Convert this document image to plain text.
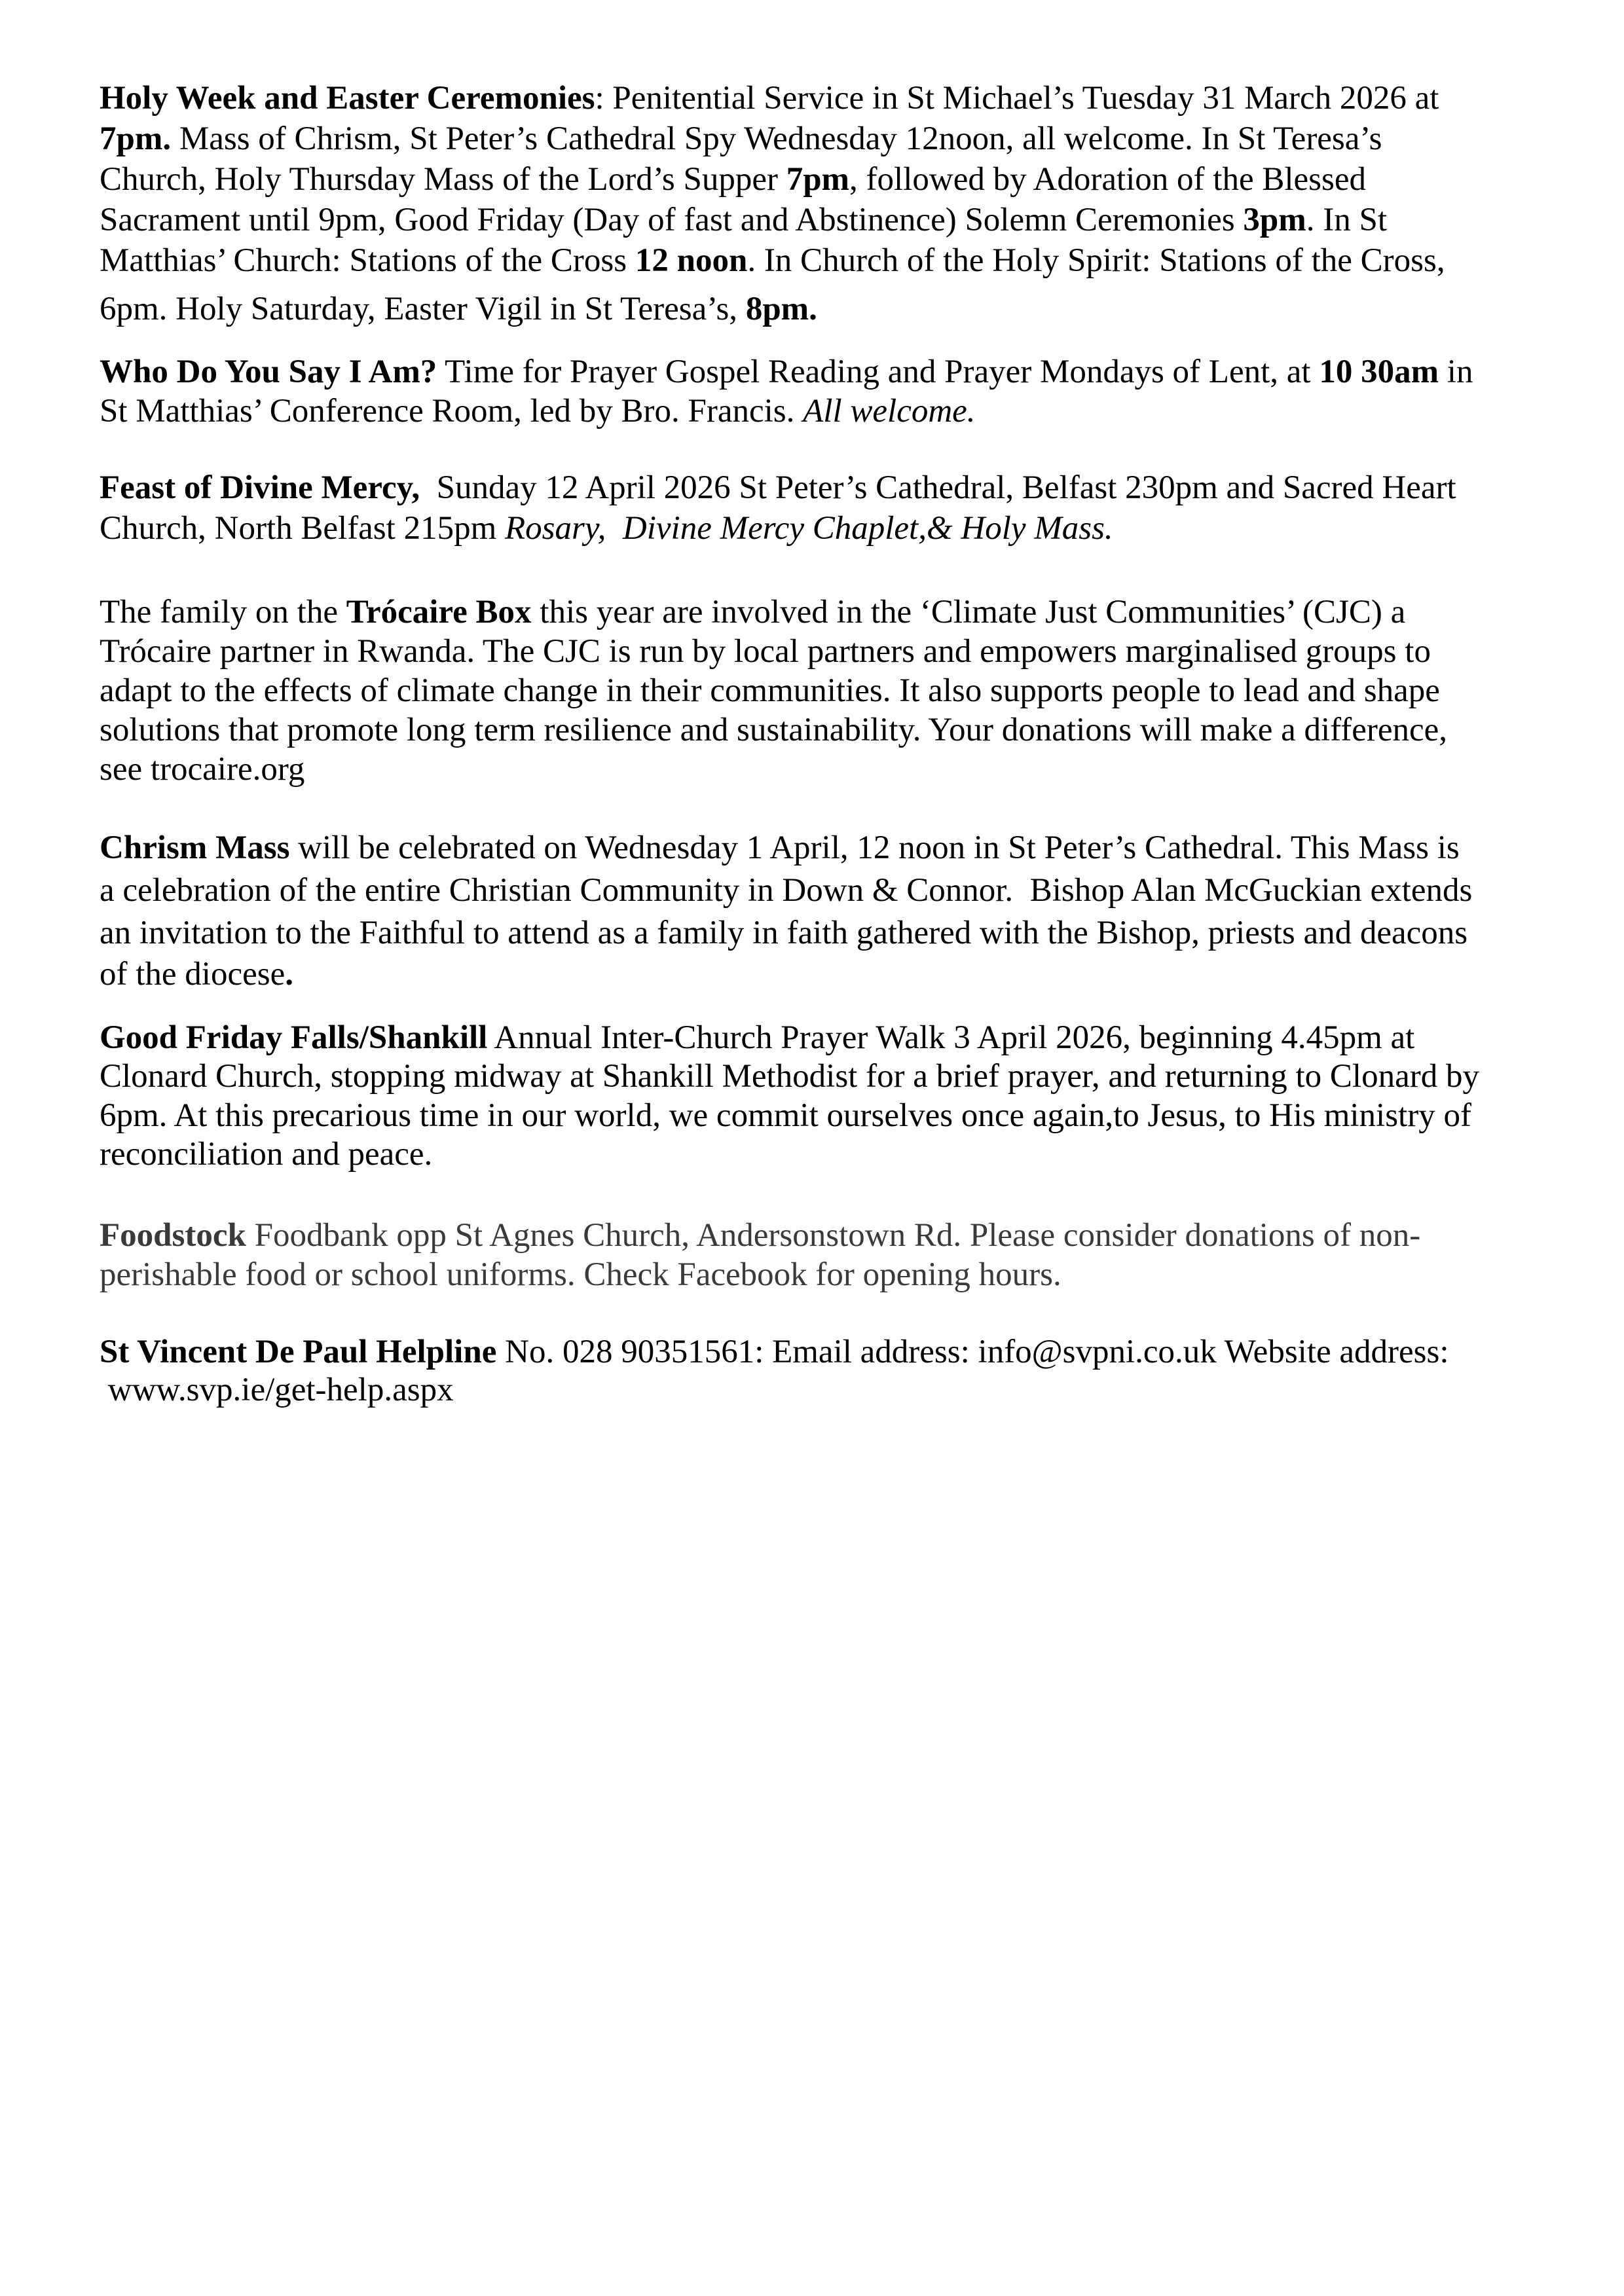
Holy Week and Easter Ceremonies: Penitential Service in St Michael’s Tuesday 31 March 2026 at
7pm. Mass of Chrism, St Peter’s Cathedral Spy Wednesday 12noon, all welcome. In St Teresa’s
Church, Holy Thursday Mass of the Lord’s Supper 7pm, followed by Adoration of the Blessed
Sacrament until 9pm, Good Friday (Day of fast and Abstinence) Solemn Ceremonies 3pm. In St
Matthias’ Church: Stations of the Cross 12 noon. In Church of the Holy Spirit: Stations of the Cross,
6pm. Holy Saturday, Easter Vigil in St Teresa’s, 8pm.
Who Do You Say I Am? Time for Prayer Gospel Reading and Prayer Mondays of Lent, at 10 30am in
St Matthias’ Conference Room, led by Bro. Francis. All welcome.
Feast of Divine Mercy,  Sunday 12 April 2026 St Peter’s Cathedral, Belfast 230pm and Sacred Heart
Church, North Belfast 215pm Rosary,  Divine Mercy Chaplet,& Holy Mass.
The family on the Trócaire Box this year are involved in the ‘Climate Just Communities’ (CJC) a
Trócaire partner in Rwanda. The CJC is run by local partners and empowers marginalised groups to
adapt to the effects of climate change in their communities. It also supports people to lead and shape
solutions that promote long term resilience and sustainability. Your donations will make a difference,
see trocaire.org
Chrism Mass will be celebrated on Wednesday 1 April, 12 noon in St Peter’s Cathedral. This Mass is
a celebration of the entire Christian Community in Down & Connor.  Bishop Alan McGuckian extends
an invitation to the Faithful to attend as a family in faith gathered with the Bishop, priests and deacons
of the diocese.
Good Friday Falls/Shankill Annual Inter-Church Prayer Walk 3 April 2026, beginning 4.45pm at
Clonard Church, stopping midway at Shankill Methodist for a brief prayer, and returning to Clonard by
6pm. At this precarious time in our world, we commit ourselves once again,to Jesus, to His ministry of
reconciliation and peace.
Foodstock Foodbank opp St Agnes Church, Andersonstown Rd. Please consider donations of non-
perishable food or school uniforms. Check Facebook for opening hours.
St Vincent De Paul Helpline No. 028 90351561: Email address: info@svpni.co.uk Website address:
www.svp.ie/get-help.aspx
